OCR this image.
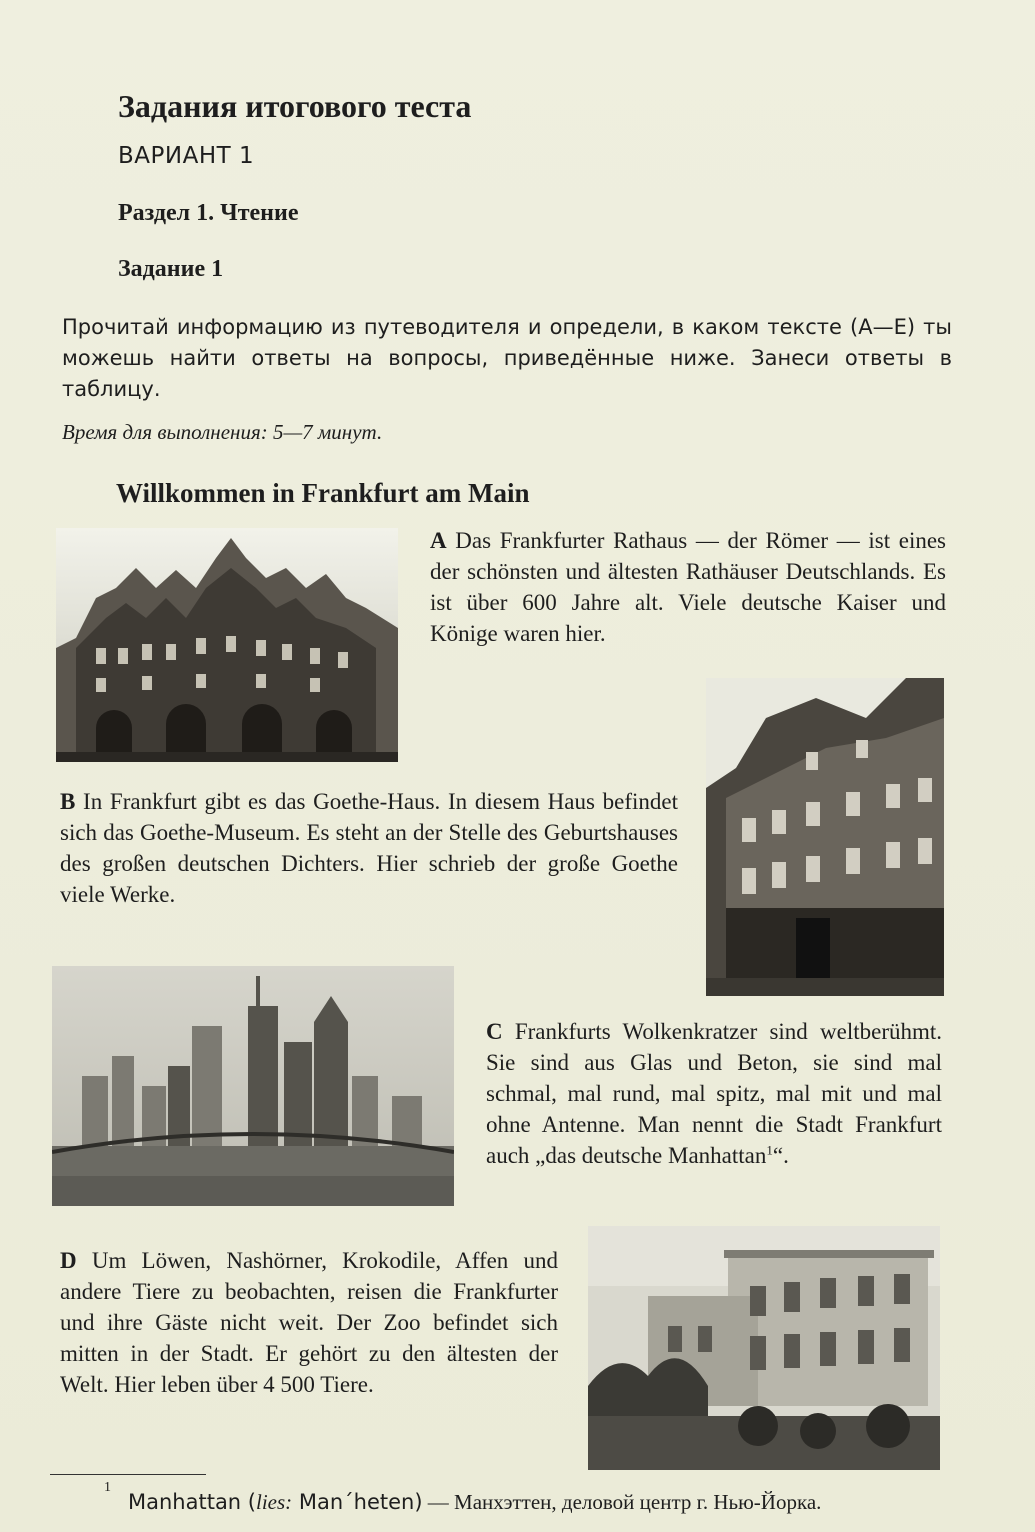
Задания итогового теста
ВАРИАНТ 1
Раздел 1. Чтение
Задание 1
Прочитай информацию из путеводителя и определи, в каком тексте (А—Е) ты можешь найти ответы на вопросы, приведённые ниже. Занеси ответы в таблицу.
Время для выполнения: 5—7 минут.
Willkommen in Frankfurt am Main
A Das Frankfurter Rathaus — der Römer — ist eines der schönsten und ältesten Rathäuser Deutschlands. Es ist über 600 Jahre alt. Viele deutsche Kaiser und Könige waren hier.
B In Frankfurt gibt es das Goethe-Haus. In diesem Haus befindet sich das Goethe-Museum. Es steht an der Stelle des Geburtshauses des großen deutschen Dichters. Hier schrieb der große Goethe viele Werke.
C Frankfurts Wolkenkratzer sind weltberühmt. Sie sind aus Glas und Beton, sie sind mal schmal, mal rund, mal spitz, mal mit und mal ohne Antenne. Man nennt die Stadt Frankfurt auch „das deutsche Manhattan$^1$“.
D Um Löwen, Nashörner, Krokodile, Affen und andere Tiere zu beobachten, reisen die Frankfurter und ihre Gäste nicht weit. Der Zoo befindet sich mitten in der Stadt. Er gehört zu den ältesten der Welt. Hier leben über 4 500 Tiere.
1
Manhattan (lies: Man´heten) — Манхэттен, деловой центр г. Нью-Йорка.
